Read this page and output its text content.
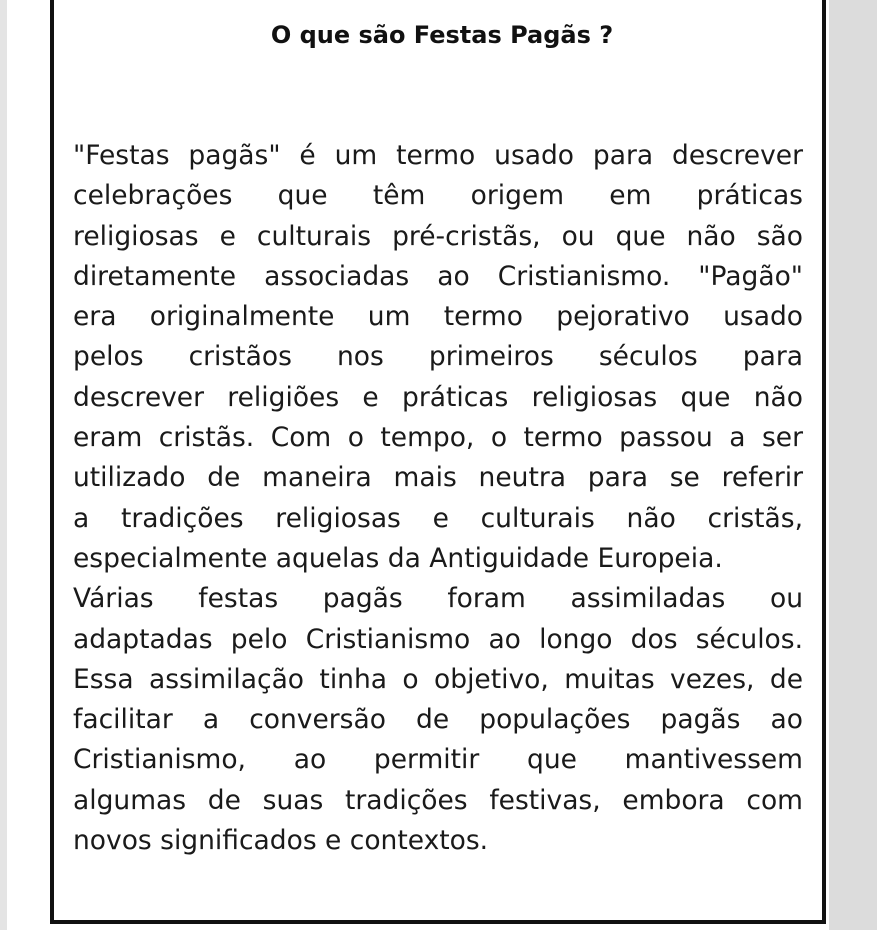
O que são Festas Pagãs ?
"Festas pagãs" é um termo usado para descrever
celebrações que têm origem em práticas
religiosas e culturais pré-cristãs, ou que não são
diretamente associadas ao Cristianismo. "Pagão"
era originalmente um termo pejorativo usado
pelos cristãos nos primeiros séculos para
descrever religiões e práticas religiosas que não
eram cristãs. Com o tempo, o termo passou a ser
utilizado de maneira mais neutra para se referir
a tradições religiosas e culturais não cristãs,
especialmente aquelas da Antiguidade Europeia.
Várias festas pagãs foram assimiladas ou
adaptadas pelo Cristianismo ao longo dos séculos.
Essa assimilação tinha o objetivo, muitas vezes, de
facilitar a conversão de populações pagãs ao
Cristianismo, ao permitir que mantivessem
algumas de suas tradições festivas, embora com
novos significados e contextos.
